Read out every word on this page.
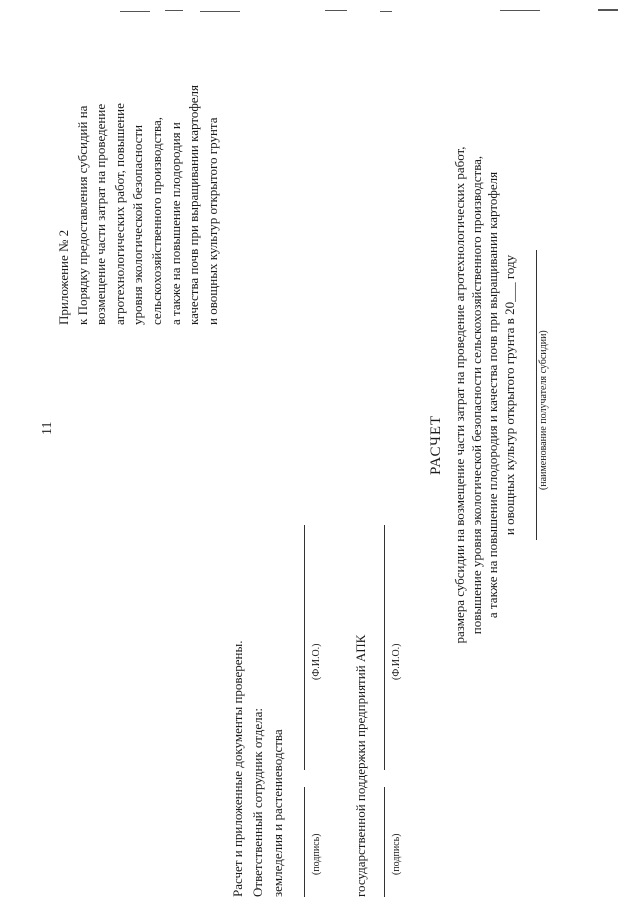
11
Приложение № 2 к Порядку предоставления субсидий на возмещение части затрат на проведение агротехнологических работ, повышение уровня экологической безопасности сельскохозяйственного производства, а также на повышение плодородия и качества почв при выращивании картофеля и овощных культур открытого грунта
Расчет и приложенные документы проверены. Ответственный сотрудник отдела: земледелия и растениеводства	(подпись)
(Ф.И.О.) государственной поддержки предприятий АПК (подпись)
(Ф.И.О.)
РАСЧЕТ размера субсидии на возмещение части затрат на проведение агротехнологических работ, повышение уровня экологической безопасности сельскохозяйственного производства, а также на повышение плодородия и качества почв при выращивании картофеля и овощных культур открытого грунта в 20___ году (наименование получателя субсидии)
